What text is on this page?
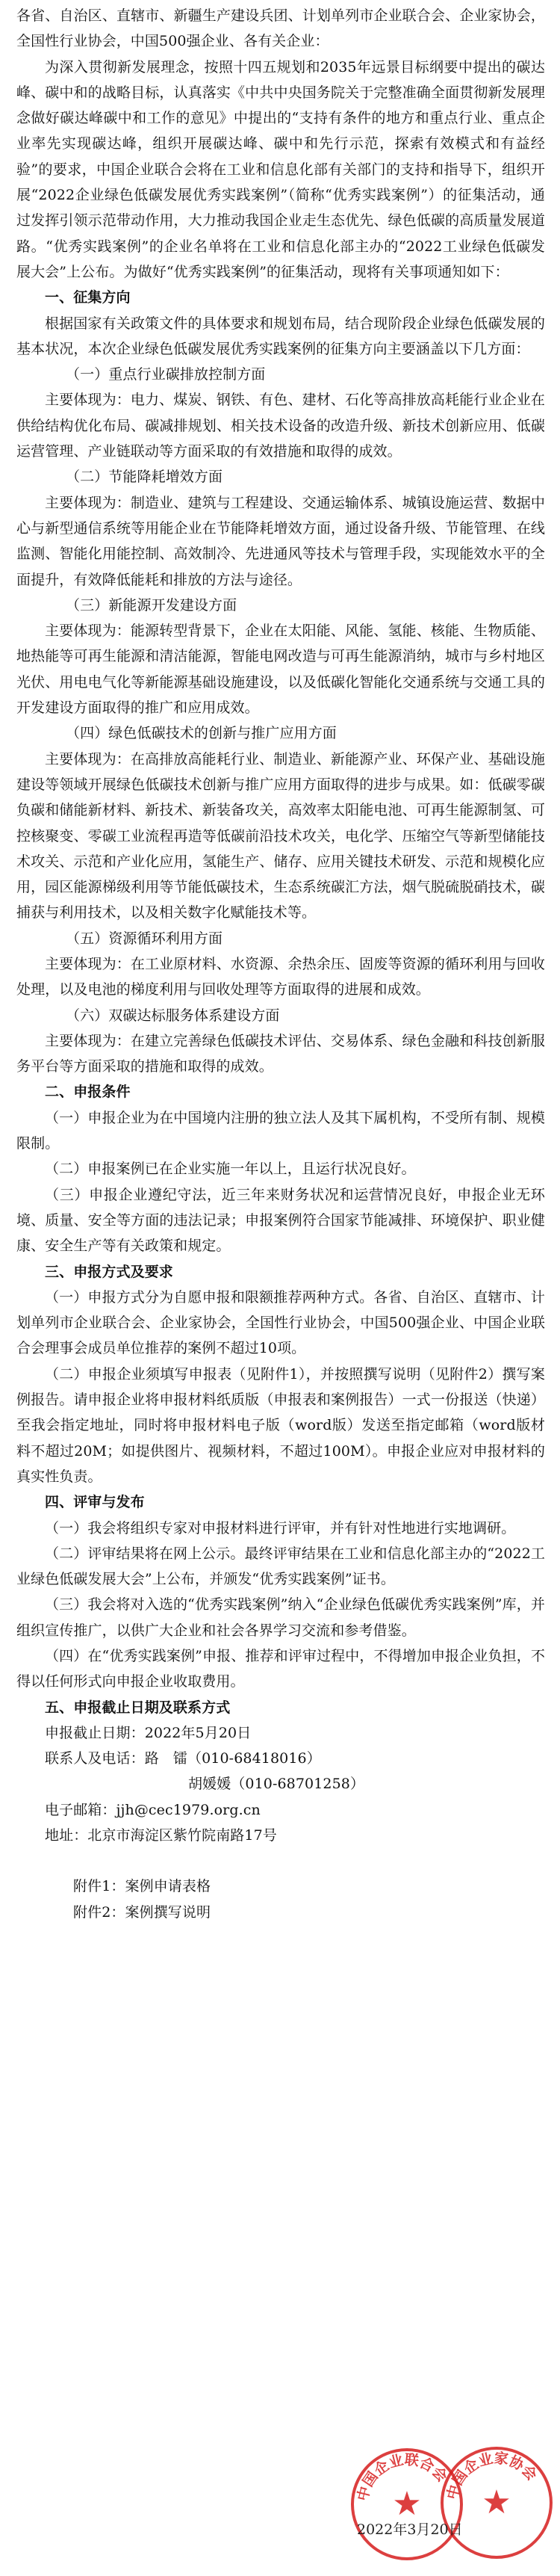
各省、自治区、直辖市、新疆生产建设兵团、计划单列市企业联合会、企业家协会，全国性行业协会，中国500强企业、各有关企业：

为深入贯彻新发展理念，按照十四五规划和2035年远景目标纲要中提出的碳达峰、碳中和的战略目标，认真落实《中共中央国务院关于完整准确全面贯彻新发展理念做好碳达峰碳中和工作的意见》中提出的“支持有条件的地方和重点行业、重点企业率先实现碳达峰，组织开展碳达峰、碳中和先行示范，探索有效模式和有益经验”的要求，中国企业联合会将在工业和信息化部有关部门的支持和指导下，组织开展“2022企业绿色低碳发展优秀实践案例”（简称“优秀实践案例”）的征集活动，通过发挥引领示范带动作用，大力推动我国企业走生态优先、绿色低碳的高质量发展道路。“优秀实践案例”的企业名单将在工业和信息化部主办的“2022工业绿色低碳发展大会”上公布。为做好“优秀实践案例”的征集活动，现将有关事项通知如下：

一、征集方向

根据国家有关政策文件的具体要求和规划布局，结合现阶段企业绿色低碳发展的基本状况，本次企业绿色低碳发展优秀实践案例的征集方向主要涵盖以下几方面：

（一）重点行业碳排放控制方面

主要体现为：电力、煤炭、钢铁、有色、建材、石化等高排放高耗能行业企业在供给结构优化布局、碳减排规划、相关技术设备的改造升级、新技术创新应用、低碳运营管理、产业链联动等方面采取的有效措施和取得的成效。

（二）节能降耗增效方面

主要体现为：制造业、建筑与工程建设、交通运输体系、城镇设施运营、数据中心与新型通信系统等用能企业在节能降耗增效方面，通过设备升级、节能管理、在线监测、智能化用能控制、高效制冷、先进通风等技术与管理手段，实现能效水平的全面提升，有效降低能耗和排放的方法与途径。

（三）新能源开发建设方面

主要体现为：能源转型背景下，企业在太阳能、风能、氢能、核能、生物质能、地热能等可再生能源和清洁能源，智能电网改造与可再生能源消纳，城市与乡村地区光伏、用电电气化等新能源基础设施建设，以及低碳化智能化交通系统与交通工具的开发建设方面取得的推广和应用成效。

（四）绿色低碳技术的创新与推广应用方面

主要体现为：在高排放高能耗行业、制造业、新能源产业、环保产业、基础设施建设等领域开展绿色低碳技术创新与推广应用方面取得的进步与成果。如：低碳零碳负碳和储能新材料、新技术、新装备攻关，高效率太阳能电池、可再生能源制氢、可控核聚变、零碳工业流程再造等低碳前沿技术攻关，电化学、压缩空气等新型储能技术攻关、示范和产业化应用，氢能生产、储存、应用关键技术研发、示范和规模化应用，园区能源梯级利用等节能低碳技术，生态系统碳汇方法，烟气脱硫脱硝技术，碳捕获与利用技术，以及相关数字化赋能技术等。

（五）资源循环利用方面

主要体现为：在工业原材料、水资源、余热余压、固废等资源的循环利用与回收处理，以及电池的梯度利用与回收处理等方面取得的进展和成效。

（六）双碳达标服务体系建设方面

主要体现为：在建立完善绿色低碳技术评估、交易体系、绿色金融和科技创新服务平台等方面采取的措施和取得的成效。

二、申报条件

（一）申报企业为在中国境内注册的独立法人及其下属机构，不受所有制、规模限制。

（二）申报案例已在企业实施一年以上，且运行状况良好。

（三）申报企业遵纪守法，近三年来财务状况和运营情况良好，申报企业无环境、质量、安全等方面的违法记录；申报案例符合国家节能减排、环境保护、职业健康、安全生产等有关政策和规定。

三、申报方式及要求

（一）申报方式分为自愿申报和限额推荐两种方式。各省、自治区、直辖市、计划单列市企业联合会、企业家协会，全国性行业协会，中国500强企业、中国企业联合会理事会成员单位推荐的案例不超过10项。

（二）申报企业须填写申报表（见附件1），并按照撰写说明（见附件2）撰写案例报告。请申报企业将申报材料纸质版（申报表和案例报告）一式一份报送（快递）至我会指定地址，同时将申报材料电子版（word版）发送至指定邮箱（word版材料不超过20M；如提供图片、视频材料，不超过100M）。申报企业应对申报材料的真实性负责。

四、评审与发布

（一）我会将组织专家对申报材料进行评审，并有针对性地进行实地调研。

（二）评审结果将在网上公示。最终评审结果在工业和信息化部主办的“2022工业绿色低碳发展大会”上公布，并颁发“优秀实践案例”证书。

（三）我会将对入选的“优秀实践案例”纳入“企业绿色低碳优秀实践案例”库，并组织宣传推广，以供广大企业和社会各界学习交流和参考借鉴。

（四）在“优秀实践案例”申报、推荐和评审过程中，不得增加申报企业负担，不得以任何形式向申报企业收取费用。

五、申报截止日期及联系方式

申报截止日期：2022年5月20日

联系人及电话：路　镭（010-68418016）

胡媛媛（010-68701258）

电子邮箱：jjh@cec1979.org.cn

地址：北京市海淀区紫竹院南路17号

附件1：案例申请表格

附件2：案例撰写说明

中国企业联合会
★ 中国企业家协会
★
2022年3月20日
